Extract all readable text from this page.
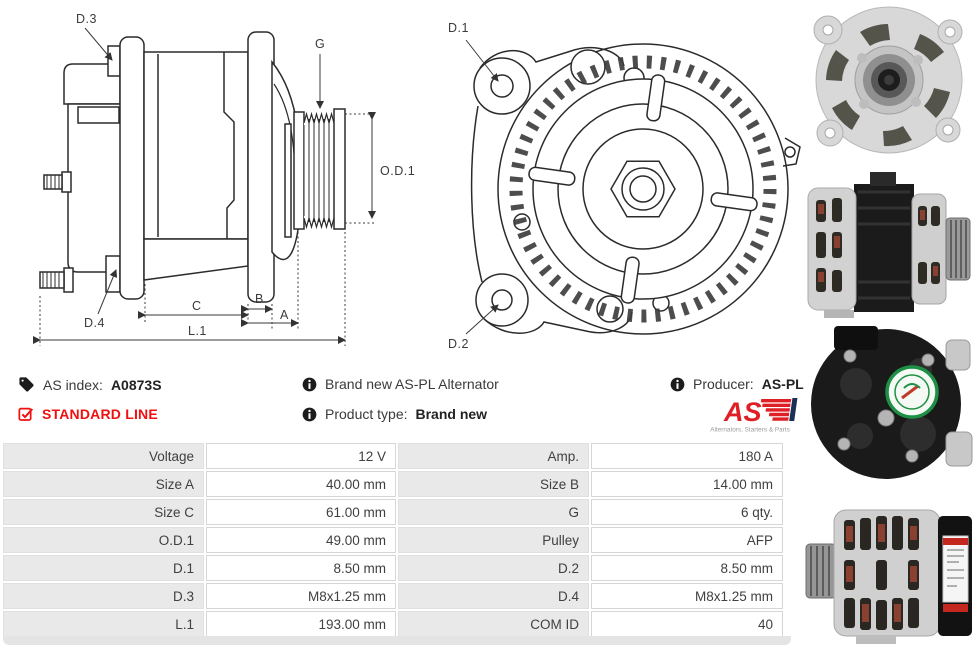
D.3
G
O.D.1
D.4
C	B
A
L.1
D.1
D.2
AS index: A0873S	Brand new AS-PL Alternator	Producer: AS-PL
STANDARD LINE	Product type: Brand new	AS
Alternators, Starters & Parts
Voltage	12 V	Amp.	180 A
Size A	40.00 mm	Size B	14.00 mm
Size C	61.00 mm	G	6 qty.
O.D.1	49.00 mm	Pulley	AFP
D.1	8.50 mm	D.2	8.50 mm
D.3	M8x1.25 mm	D.4	M8x1.25 mm
L.1	193.00 mm	COM ID	40
